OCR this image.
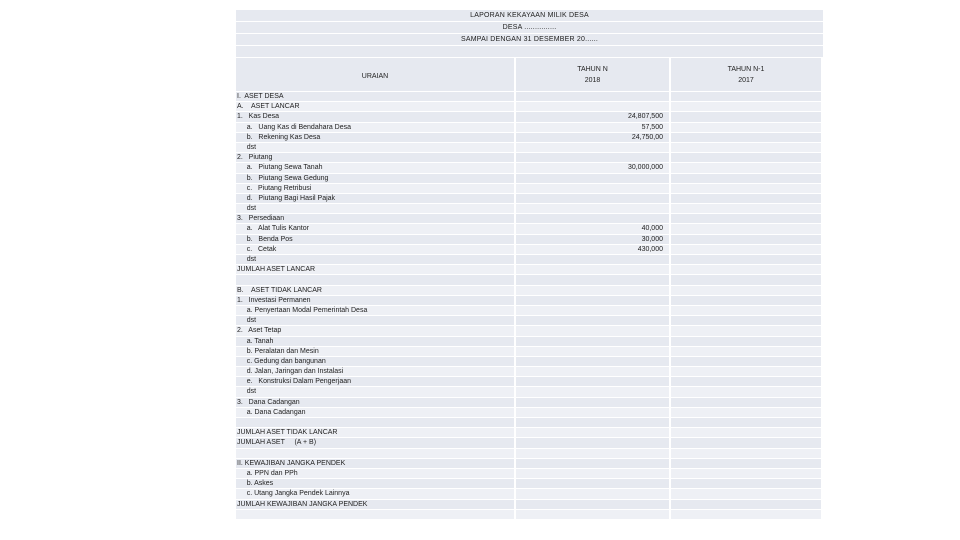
LAPORAN KEKAYAAN MILIK DESA
DESA ...............
SAMPAI DENGAN 31 DESEMBER 20......
URAIAN
TAHUN N
2018
TAHUN N-1
2017
I.  ASET DESA
A.    ASET LANCAR
1.   Kas Desa	24,807,500
a.   Uang Kas di Bendahara Desa	57,500
b.   Rekening Kas Desa	24,750,00
dst
2.   Piutang
a.   Piutang Sewa Tanah	30,000,000
b.   Piutang Sewa Gedung
c.   Piutang Retribusi
d.   Piutang Bagi Hasil Pajak
dst
3.   Persediaan
a.   Alat Tulis Kantor	40,000
b.   Benda Pos	30,000
c.   Cetak	430,000
dst
JUMLAH ASET LANCAR
B.    ASET TIDAK LANCAR
1.   Investasi Permanen
a. Penyertaan Modal Pemerintah Desa
dst
2.   Aset Tetap
a. Tanah
b. Peralatan dan Mesin
c. Gedung dan bangunan
d. Jalan, Jaringan dan Instalasi
e.   Konstruksi Dalam Pengerjaan
dst
3.   Dana Cadangan
a. Dana Cadangan
JUMLAH ASET TIDAK LANCAR
JUMLAH ASET     (A + B)
II. KEWAJIBAN JANGKA PENDEK
a. PPN dan PPh
b. Askes
c. Utang Jangka Pendek Lainnya
JUMLAH KEWAJIBAN JANGKA PENDEK
